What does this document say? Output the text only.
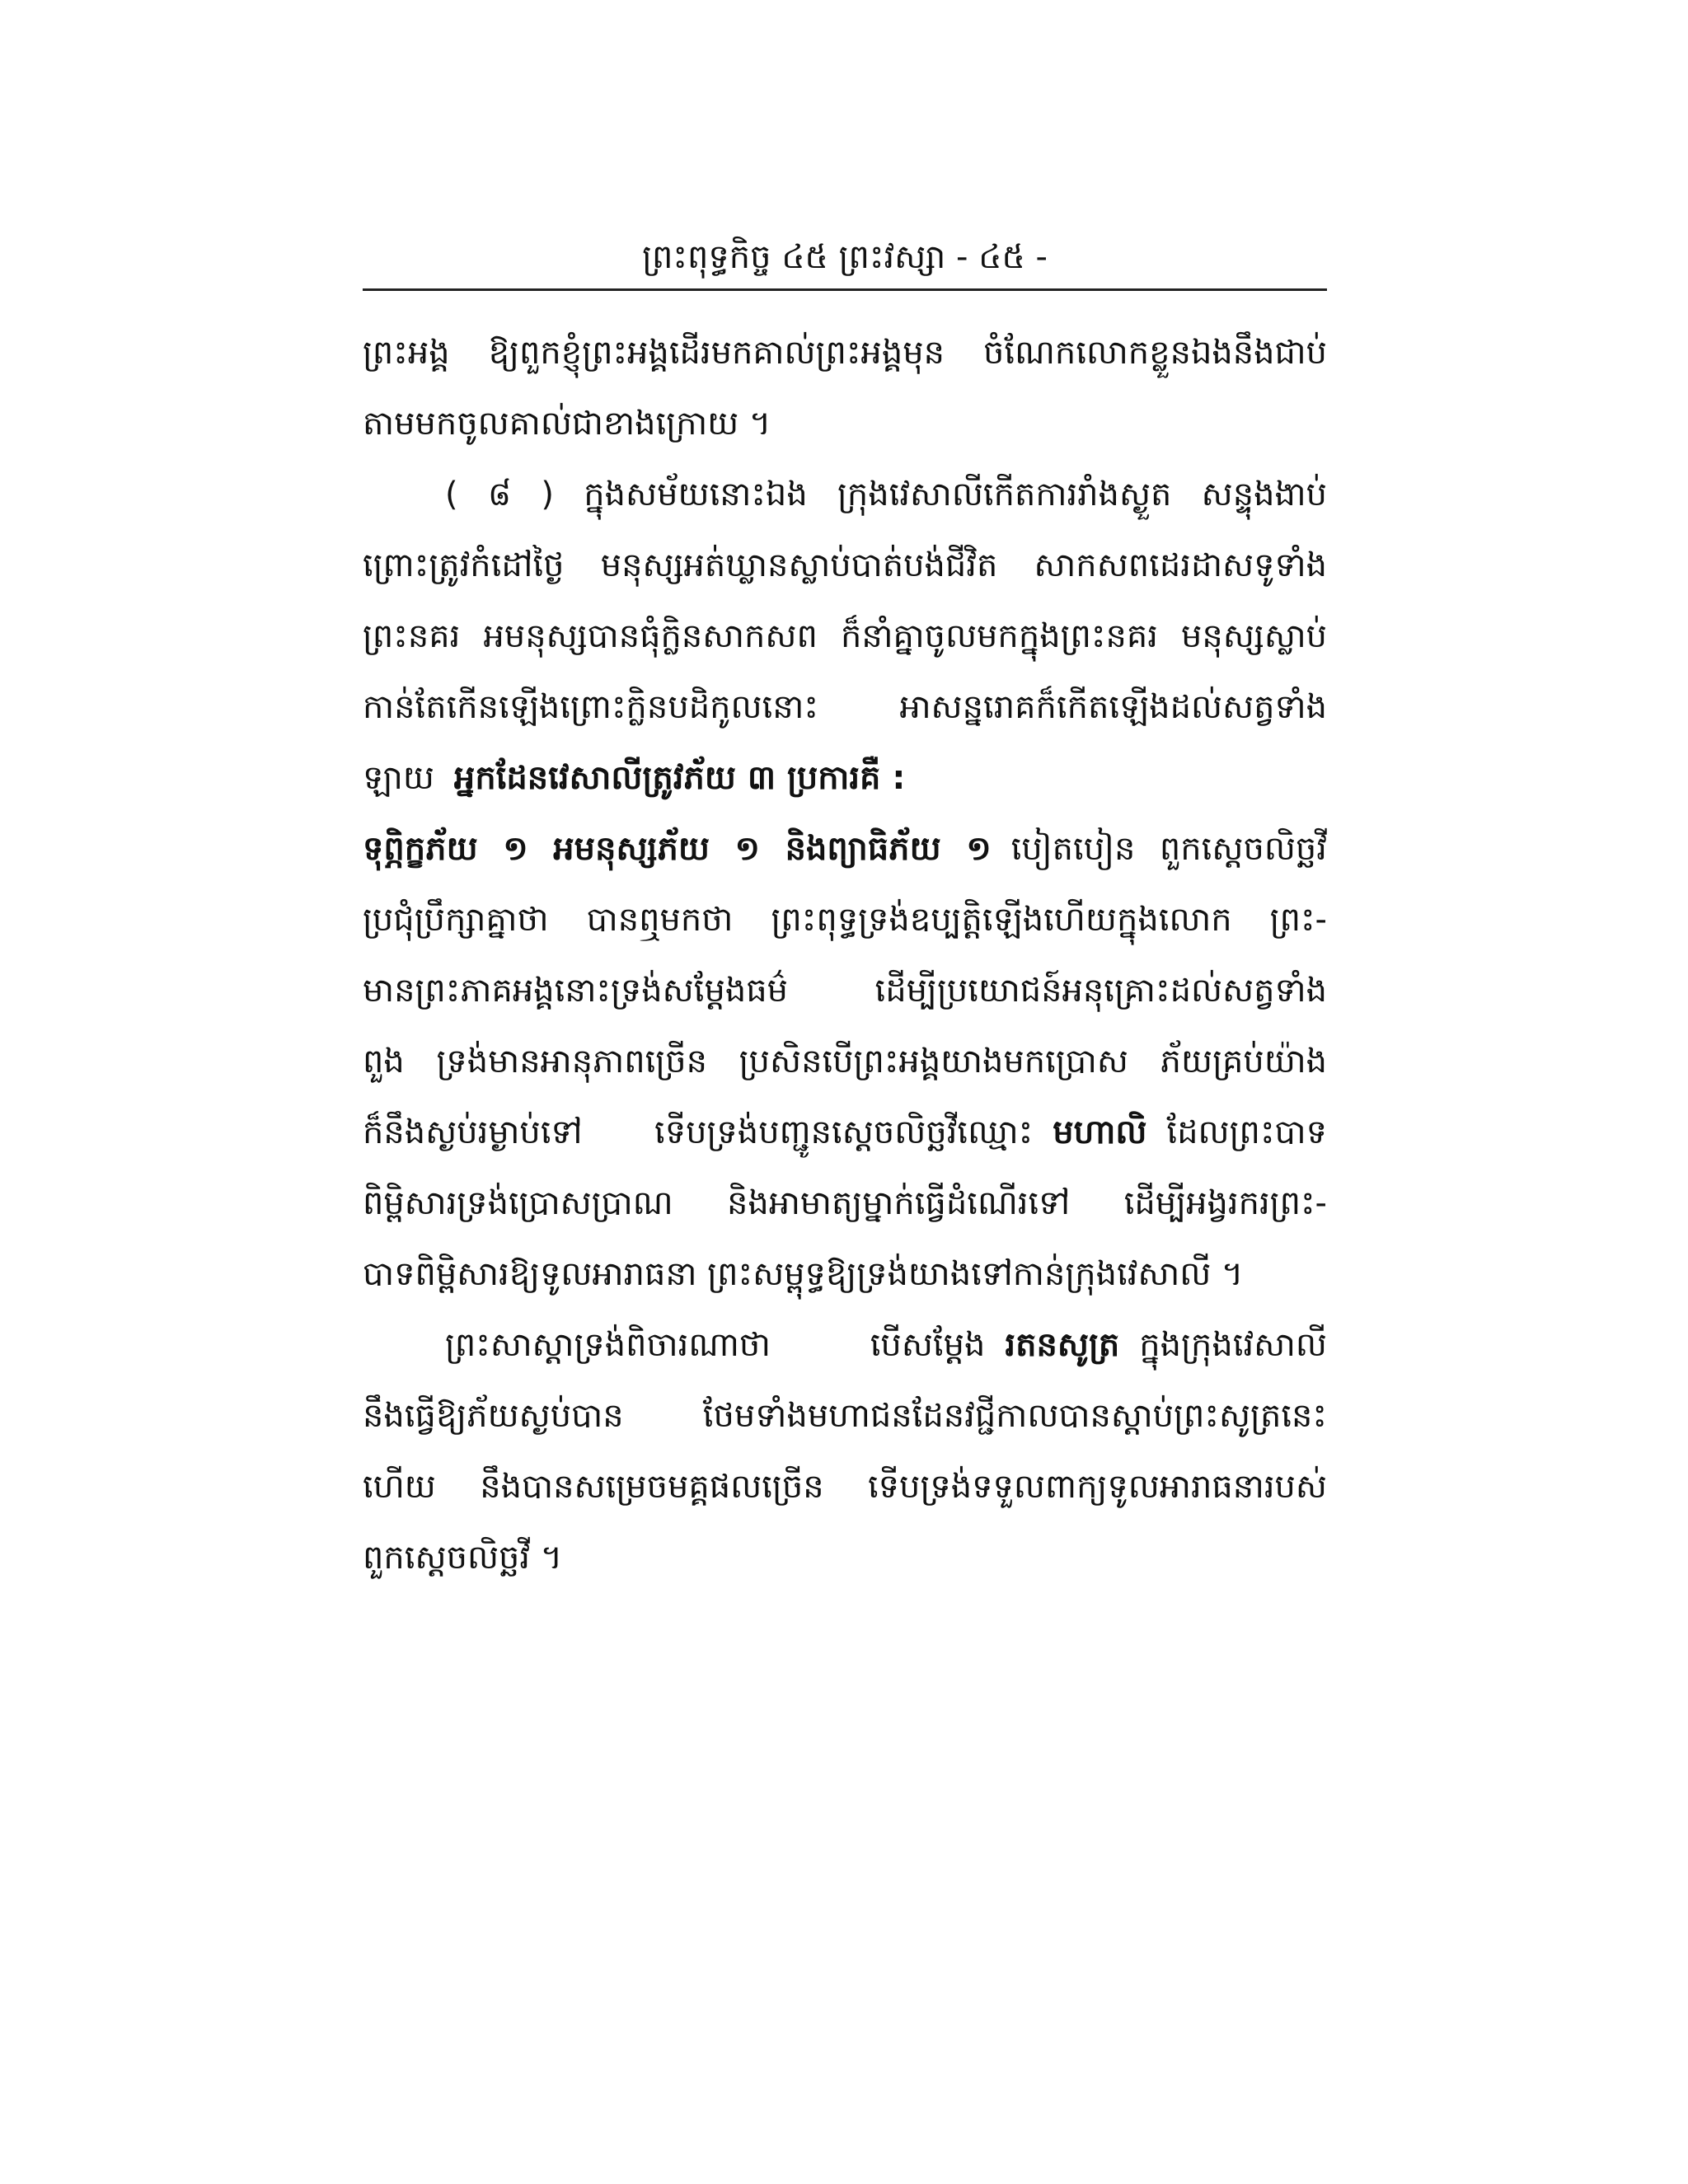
ព្រះពុទ្ធកិច្ច ៤៥ ព្រះវស្សា - ៤៥ -
ព្រះអង្គ ឱ្យពួកខ្ញុំព្រះអង្គដើរមកគាល់ព្រះអង្គមុន ចំណែកលោកខ្លួនឯងនឹងជាប់
តាមមកចូលគាល់ជាខាងក្រោយ ។
( ៨ ) ក្នុងសម័យនោះឯង ក្រុងវេសាលីកើតការរាំងស្ងួត សន្ទុងងាប់
ព្រោះត្រូវកំដៅថ្ងៃ មនុស្សអត់ឃ្លានស្លាប់បាត់បង់ជីវិត សាកសពដេរដាសទូទាំង
ព្រះនគរ អមនុស្សបានធុំក្លិនសាកសព ក៏នាំគ្នាចូលមកក្នុងព្រះនគរ មនុស្សស្លាប់
កាន់តែកើនឡើងព្រោះក្លិនបដិកូលនោះ អាសន្នរោគក៏កើតឡើងដល់សត្វទាំង
ឡាយ អ្នកដែនវេសាលីត្រូវភ័យ ៣ ប្រការគឺ :
ទុព្ភិក្ខភ័យ ១ អមនុស្សភ័យ ១ និងព្យាធិភ័យ ១ បៀតបៀន ពួកស្តេចលិច្ឆវី
ប្រជុំប្រឹក្សាគ្នាថា បានឮមកថា ព្រះពុទ្ធទ្រង់ឧប្បត្តិឡើងហើយក្នុងលោក ព្រះ-
មានព្រះភាគអង្គនោះទ្រង់សម្តែងធម៌ ដើម្បីប្រយោជន៍អនុគ្រោះដល់សត្វទាំង
ពួង ទ្រង់មានអានុភាពច្រើន ប្រសិនបើព្រះអង្គយាងមកប្រោស ភ័យគ្រប់យ៉ាង
ក៏នឹងស្ងប់រម្ងាប់ទៅ ទើបទ្រង់បញ្ជូនស្តេចលិច្ឆវីឈ្មោះ មហាលិ ដែលព្រះបាទ
ពិម្ពិសារទ្រង់ប្រោសប្រាណ និងអាមាត្យម្នាក់ធ្វើដំណើរទៅ ដើម្បីអង្វរករព្រះ-
បាទពិម្ពិសារឱ្យទូលអារាធនា ព្រះសម្ពុទ្ធឱ្យទ្រង់យាងទៅកាន់ក្រុងវេសាលី ។
ព្រះសាស្តាទ្រង់ពិចារណាថា បើសម្តែង រតនសូត្រ ក្នុងក្រុងវេសាលី
នឹងធ្វើឱ្យភ័យស្ងប់បាន ថែមទាំងមហាជនដែនវជ្ជីកាលបានស្តាប់ព្រះសូត្រនេះ
ហើយ នឹងបានសម្រេចមគ្គផលច្រើន ទើបទ្រង់ទទួលពាក្យទូលអារាធនារបស់
ពួកស្តេចលិច្ឆវី ។
